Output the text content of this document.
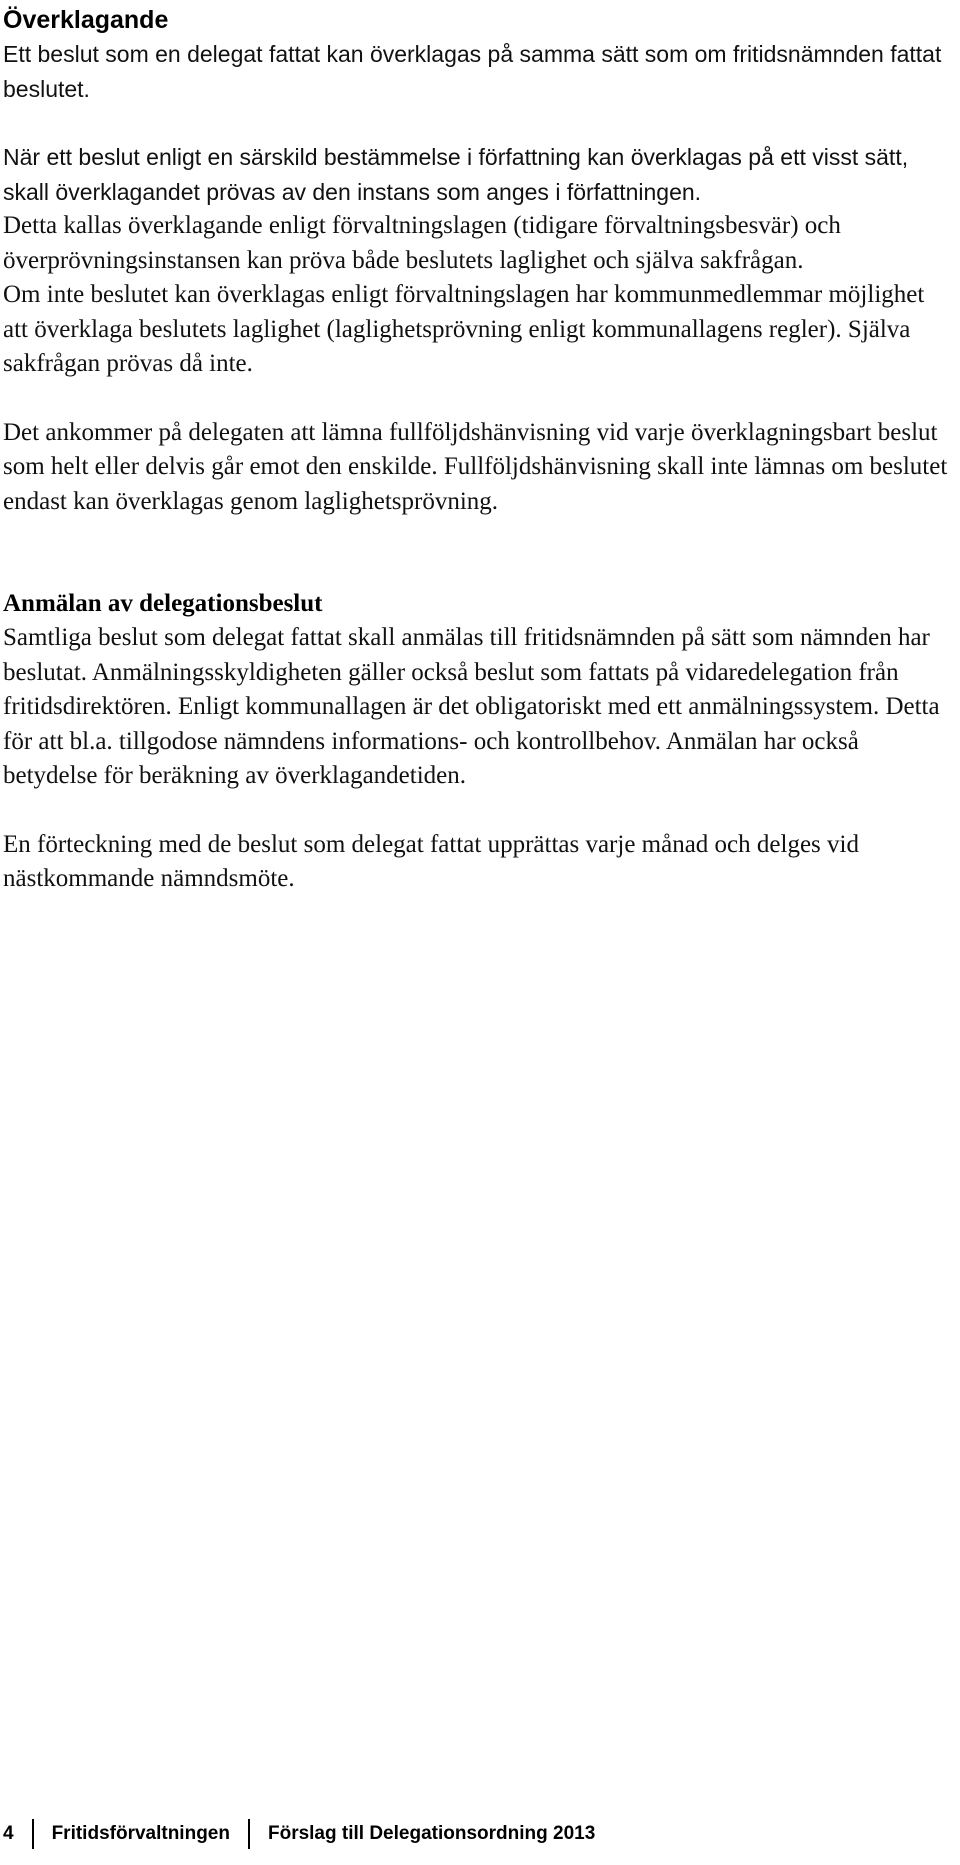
Överklagande

Ett beslut som en delegat fattat kan överklagas på samma sätt som om fritidsnämnden fattat beslutet.

När ett beslut enligt en särskild bestämmelse i författning kan överklagas på ett visst sätt, skall överklagandet prövas av den instans som anges i författningen.

Detta kallas överklagande enligt förvaltningslagen (tidigare förvaltningsbesvär) och överprövningsinstansen kan pröva både beslutets laglighet och själva sakfrågan.

Om inte beslutet kan överklagas enligt förvaltningslagen har kommunmedlemmar möjlighet att överklaga beslutets laglighet (laglighetsprövning enligt kommunallagens regler). Själva sakfrågan prövas då inte.

Det ankommer på delegaten att lämna fullföljdshänvisning vid varje överklagningsbart beslut som helt eller delvis går emot den enskilde. Fullföljdshänvisning skall inte lämnas om beslutet endast kan överklagas genom laglighetsprövning.

Anmälan av delegationsbeslut

Samtliga beslut som delegat fattat skall anmälas till fritidsnämnden på sätt som nämnden har beslutat. Anmälningsskyldigheten gäller också beslut som fattats på vidaredelegation från fritidsdirektören. Enligt kommunallagen är det obligatoriskt med ett anmälningssystem. Detta för att bl.a. tillgodose nämndens informations- och kontrollbehov. Anmälan har också betydelse för beräkning av överklagandetiden.

En förteckning med de beslut som delegat fattat upprättas varje månad och delges vid nästkommande nämndsmöte.

4 Fritidsförvaltningen Förslag till Delegationsordning 2013
